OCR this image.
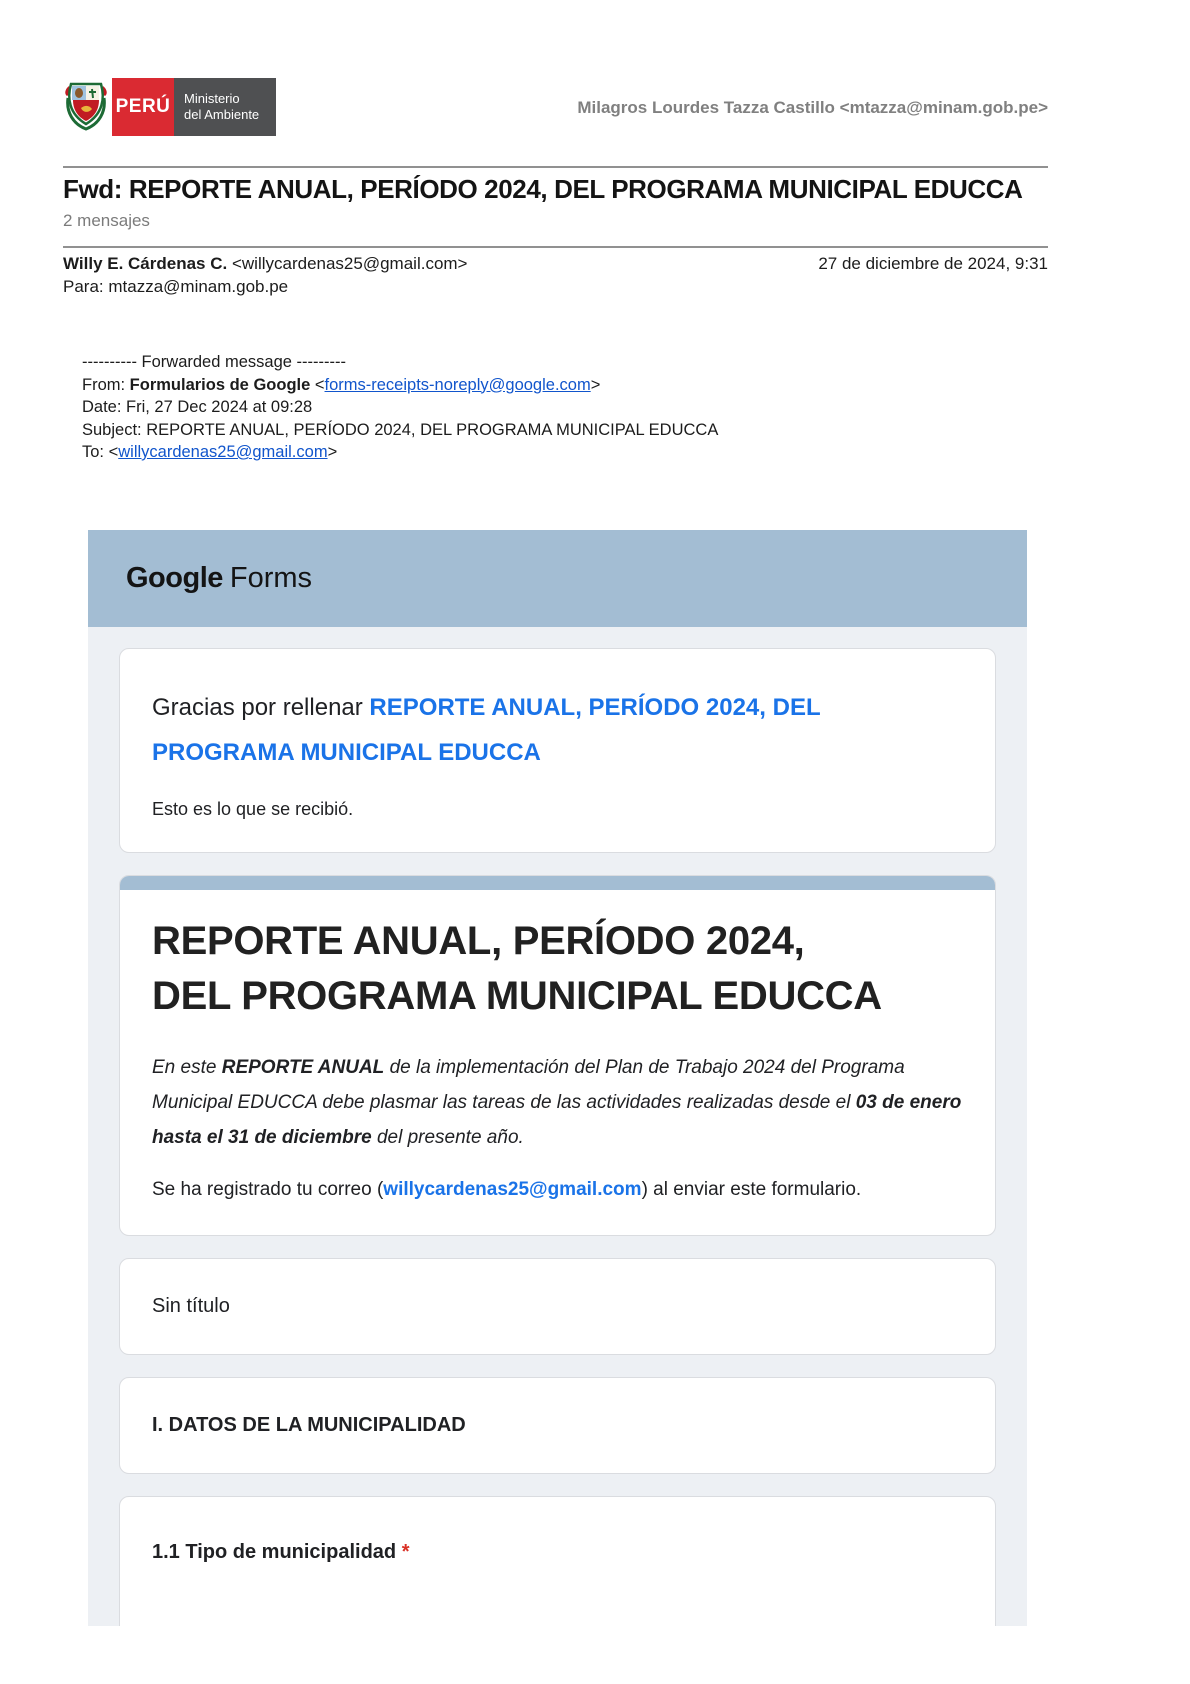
PERÚ Ministerio
del Ambiente	Milagros Lourdes Tazza Castillo <mtazza@minam.gob.pe>
Fwd: REPORTE ANUAL, PERÍODO 2024, DEL PROGRAMA MUNICIPAL EDUCCA
2 mensajes
Willy E. Cárdenas C. <willycardenas25@gmail.com>	27 de diciembre de 2024, 9:31
Para: mtazza@minam.gob.pe
---------- Forwarded message ---------
From: Formularios de Google <forms-receipts-noreply@google.com>
Date: Fri, 27 Dec 2024 at 09:28
Subject: REPORTE ANUAL, PERÍODO 2024, DEL PROGRAMA MUNICIPAL EDUCCA
To: <willycardenas25@gmail.com>
Google Forms
Gracias por rellenar REPORTE ANUAL, PERÍODO 2024, DEL PROGRAMA MUNICIPAL EDUCCA
Esto es lo que se recibió.
REPORTE ANUAL, PERÍODO 2024,
DEL PROGRAMA MUNICIPAL EDUCCA
En este REPORTE ANUAL de la implementación del Plan de Trabajo 2024 del Programa Municipal EDUCCA debe plasmar las tareas de las actividades realizadas desde el 03 de enero hasta el 31 de diciembre del presente año.
Se ha registrado tu correo (willycardenas25@gmail.com) al enviar este formulario.
Sin título
I. DATOS DE LA MUNICIPALIDAD
1.1 Tipo de municipalidad *
